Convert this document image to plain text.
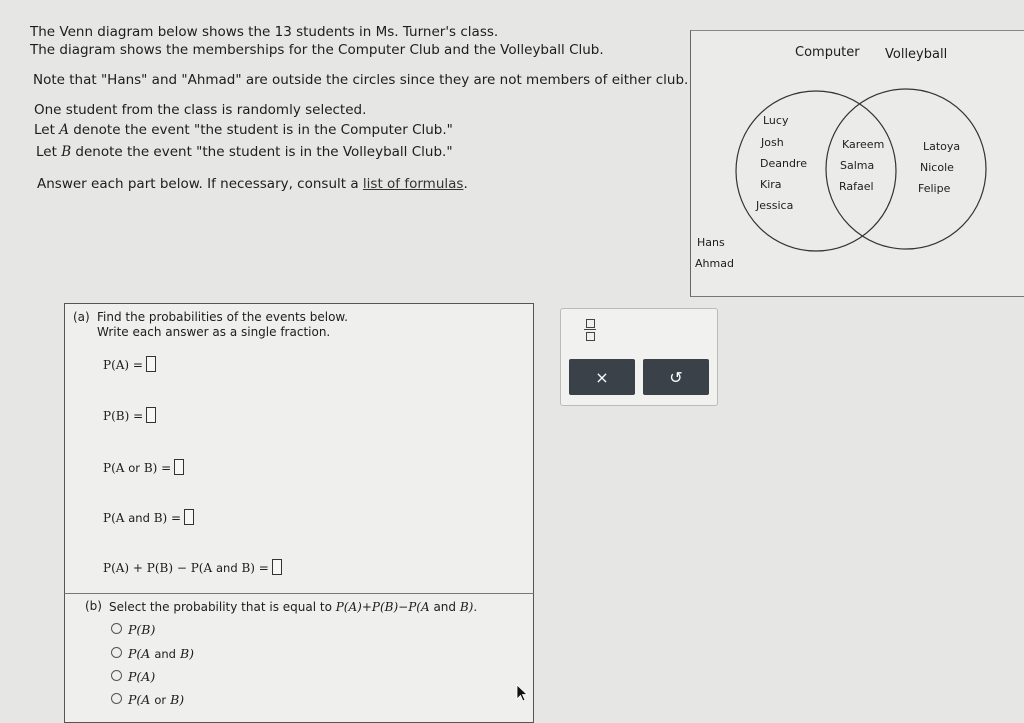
The Venn diagram below shows the 13 students in Ms. Turner's class.
The diagram shows the memberships for the Computer Club and the Volleyball Club.
Note that "Hans" and "Ahmad" are outside the circles since they are not members of either club.
One student from the class is randomly selected.
Let A denote the event "the student is in the Computer Club."
Let B denote the event "the student is in the Volleyball Club."
Answer each part below. If necessary, consult a list of formulas.
Computer Volleyball
Lucy
Josh
Deandre
Kira
Jessica
Kareem
Salma
Rafael
Latoya
Nicole
Felipe
Hans
Ahmad
(a) Find the probabilities of the events below.
Write each answer as a single fraction.
P(A) =
P(B) =
P(A or B) =
P(A and B) =
P(A) + P(B) − P(A and B) =
(b) Select the probability that is equal to P(A)+P(B)−P(A and B).
P(B)
P(A and B)
P(A)
P(A or B)
×	↺
